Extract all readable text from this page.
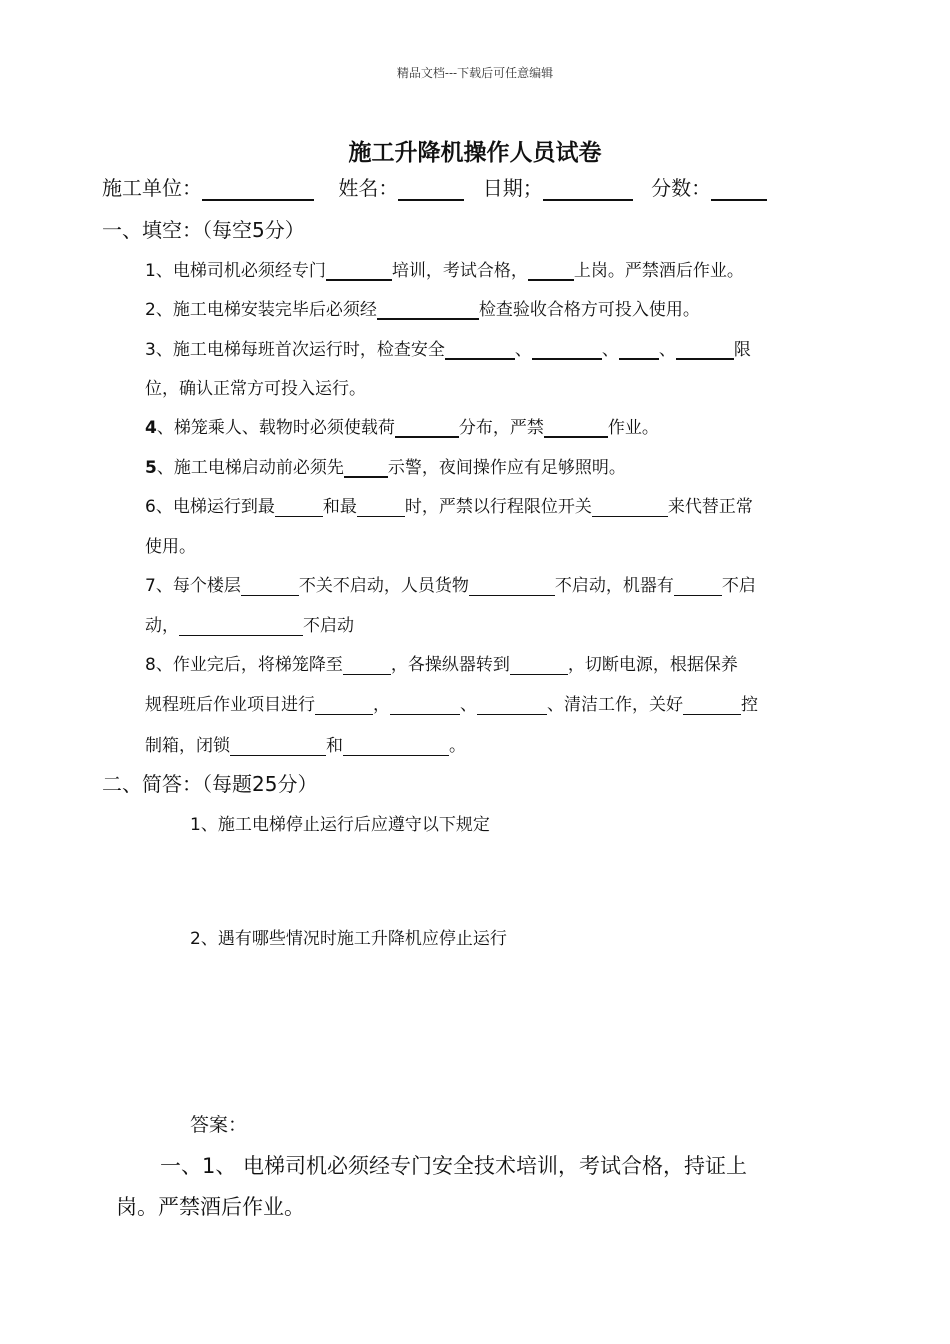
精品文档---下载后可任意编辑
施工升降机操作人员试卷
施工单位：	姓名：	日期；	分数：
一、填空：（每空5分）
1、电梯司机必须经专门	培训，考试合格，	上岗。严禁酒后作业。
2、施工电梯安装完毕后必须经	检查验收合格方可投入使用。
3、施工电梯每班首次运行时，检查安全	、	、 、	限
位，确认正常方可投入运行。
4、梯笼乘人、载物时必须使载荷	分布，严禁	作业。
5、施工电梯启动前必须先	示警，夜间操作应有足够照明。
6、电梯运行到最	和最	时，严禁以行程限位开关	来代替正常
使用。
7、每个楼层	不关不启动，人员货物	不启动，机器有	不启
动，	不启动
8、作业完后，将梯笼降至	，各操纵器转到	，切断电源，根据保养
规程班后作业项目进行	，	、	、清洁工作，关好	控
制箱，闭锁	和	。
二、简答：（每题25分）
1、施工电梯停止运行后应遵守以下规定
2、遇有哪些情况时施工升降机应停止运行
答案：
一、1、 电梯司机必须经专门安全技术培训，考试合格，持证上
岗。严禁酒后作业。
